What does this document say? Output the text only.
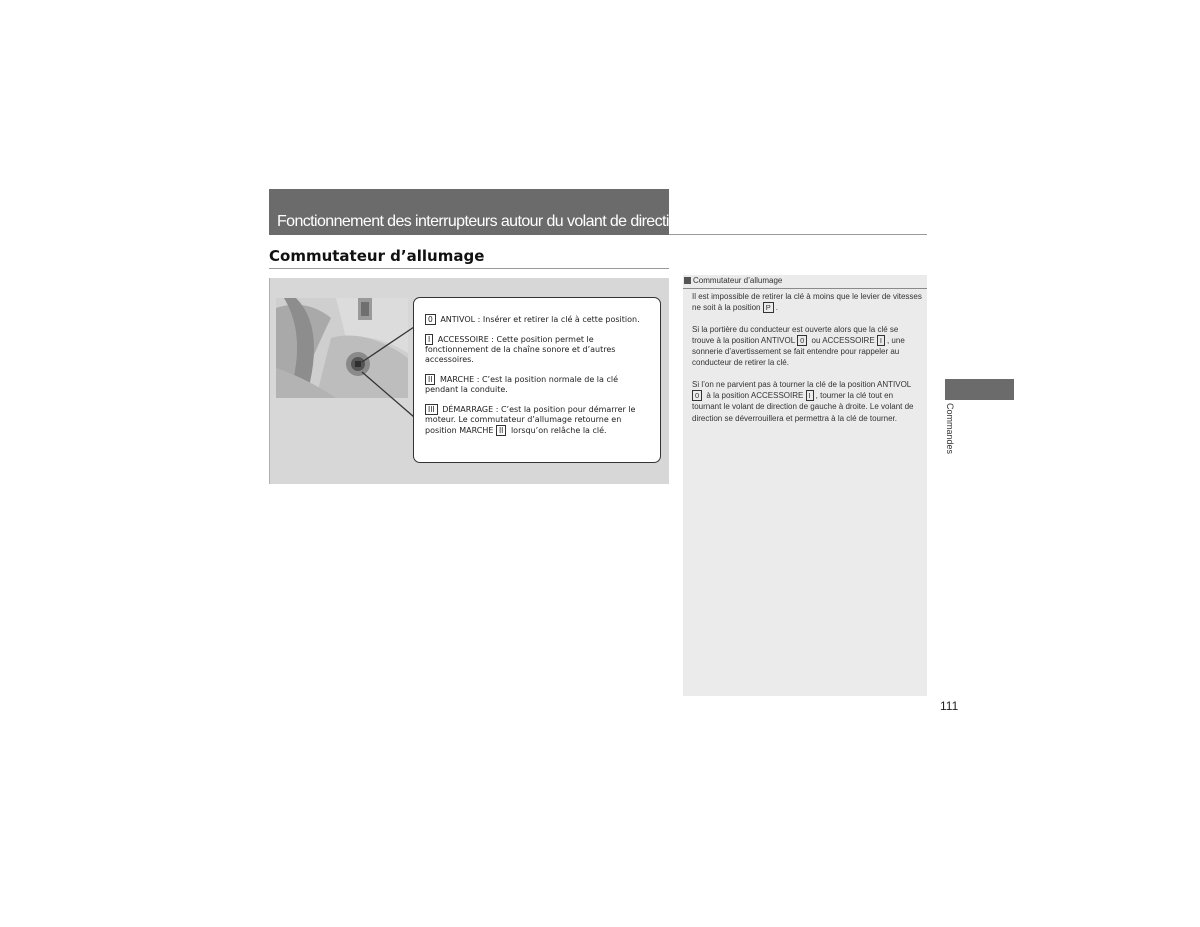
Fonctionnement des interrupteurs autour du volant de direction
Commutateur d’allumage

0 ANTIVOL : Insérer et retirer la clé à cette position.

I ACCESSOIRE : Cette position permet le fonctionnement de la chaîne sonore et d’autres accessoires.

II MARCHE : C’est la position normale de la clé pendant la conduite.

III DÉMARRAGE : C’est la position pour démarrer le moteur. Le commutateur d’allumage retourne en position MARCHE II lorsqu’on relâche la clé.

Commutateur d’allumage

Il est impossible de retirer la clé à moins que le levier de vitesses ne soit à la position P .

Si la portière du conducteur est ouverte alors que la clé se trouve à la position ANTIVOL 0 ou ACCESSOIRE I , une sonnerie d’avertissement se fait entendre pour rappeler au conducteur de retirer la clé.

Si l’on ne parvient pas à tourner la clé de la position ANTIVOL 0 à la position ACCESSOIRE I , tourner la clé tout en tournant le volant de direction de gauche à droite. Le volant de direction se déverrouillera et permettra à la clé de tourner.	Commandes
111
